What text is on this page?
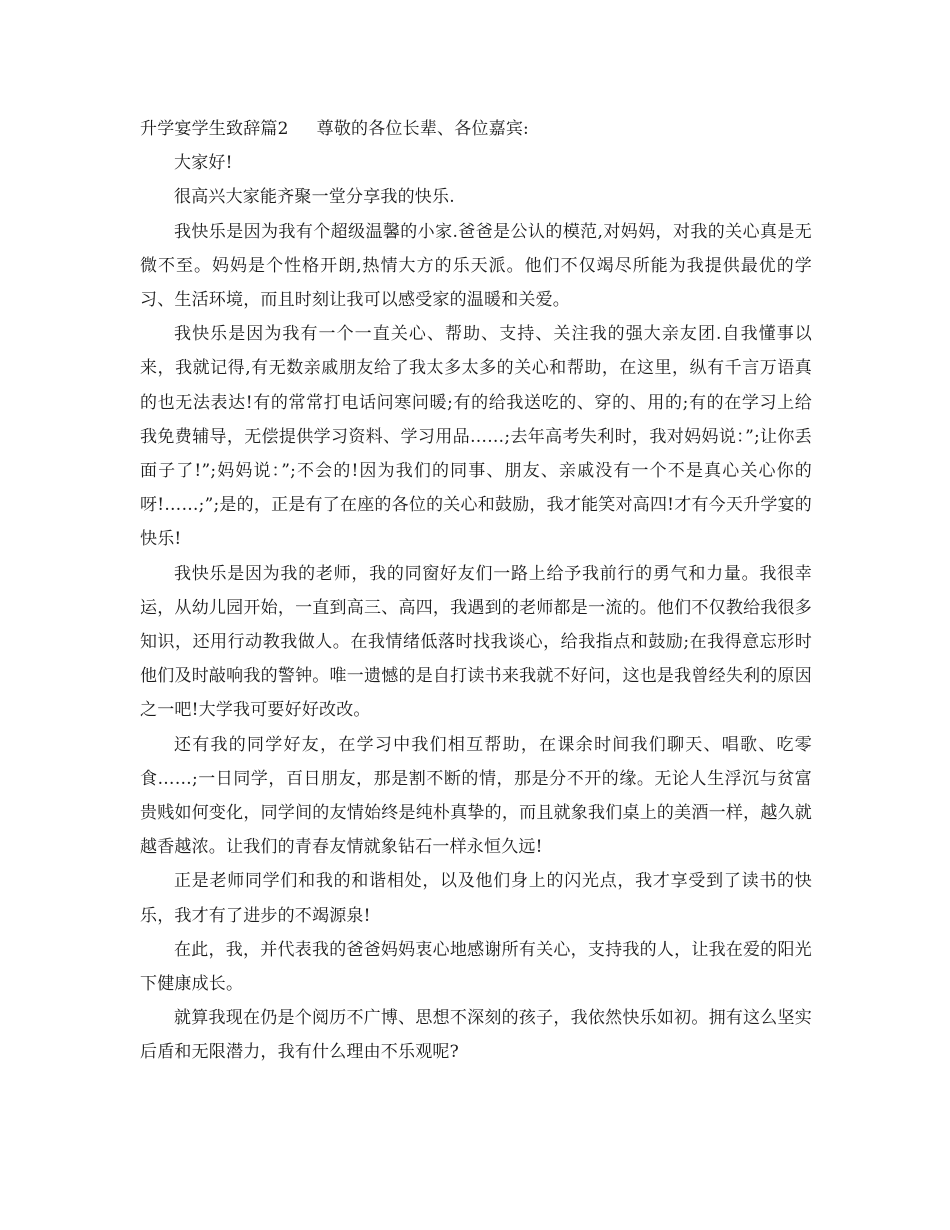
升学宴学生致辞篇2 尊敬的各位长辈、各位嘉宾:

大家好!

很高兴大家能齐聚一堂分享我的快乐.

我快乐是因为我有个超级温馨的小家.爸爸是公认的模范,对妈妈，对我的关心真是无微不至。妈妈是个性格开朗,热情大方的乐天派。他们不仅竭尽所能为我提供最优的学习、生活环境，而且时刻让我可以感受家的温暖和关爱。

我快乐是因为我有一个一直关心、帮助、支持、关注我的强大亲友团.自我懂事以来，我就记得,有无数亲戚朋友给了我太多太多的关心和帮助，在这里，纵有千言万语真的也无法表达!有的常常打电话问寒问暖;有的给我送吃的、穿的、用的;有的在学习上给我免费辅导，无偿提供学习资料、学习用品……;去年高考失利时，我对妈妈说：”;让你丢面子了!”;妈妈说：”;不会的!因为我们的同事、朋友、亲戚没有一个不是真心关心你的呀!……;”;是的，正是有了在座的各位的关心和鼓励，我才能笑对高四!才有今天升学宴的快乐!

我快乐是因为我的老师，我的同窗好友们一路上给予我前行的勇气和力量。我很幸运，从幼儿园开始，一直到高三、高四，我遇到的老师都是一流的。他们不仅教给我很多知识，还用行动教我做人。在我情绪低落时找我谈心，给我指点和鼓励;在我得意忘形时他们及时敲响我的警钟。唯一遗憾的是自打读书来我就不好问，这也是我曾经失利的原因之一吧!大学我可要好好改改。

还有我的同学好友，在学习中我们相互帮助，在课余时间我们聊天、唱歌、吃零食……;一日同学，百日朋友，那是割不断的情，那是分不开的缘。无论人生浮沉与贫富贵贱如何变化，同学间的友情始终是纯朴真挚的，而且就象我们桌上的美酒一样，越久就越香越浓。让我们的青春友情就象钻石一样永恒久远!

正是老师同学们和我的和谐相处，以及他们身上的闪光点，我才享受到了读书的快乐，我才有了进步的不竭源泉!

在此，我，并代表我的爸爸妈妈衷心地感谢所有关心，支持我的人，让我在爱的阳光下健康成长。

就算我现在仍是个阅历不广博、思想不深刻的孩子，我依然快乐如初。拥有这么坚实后盾和无限潜力，我有什么理由不乐观呢?
